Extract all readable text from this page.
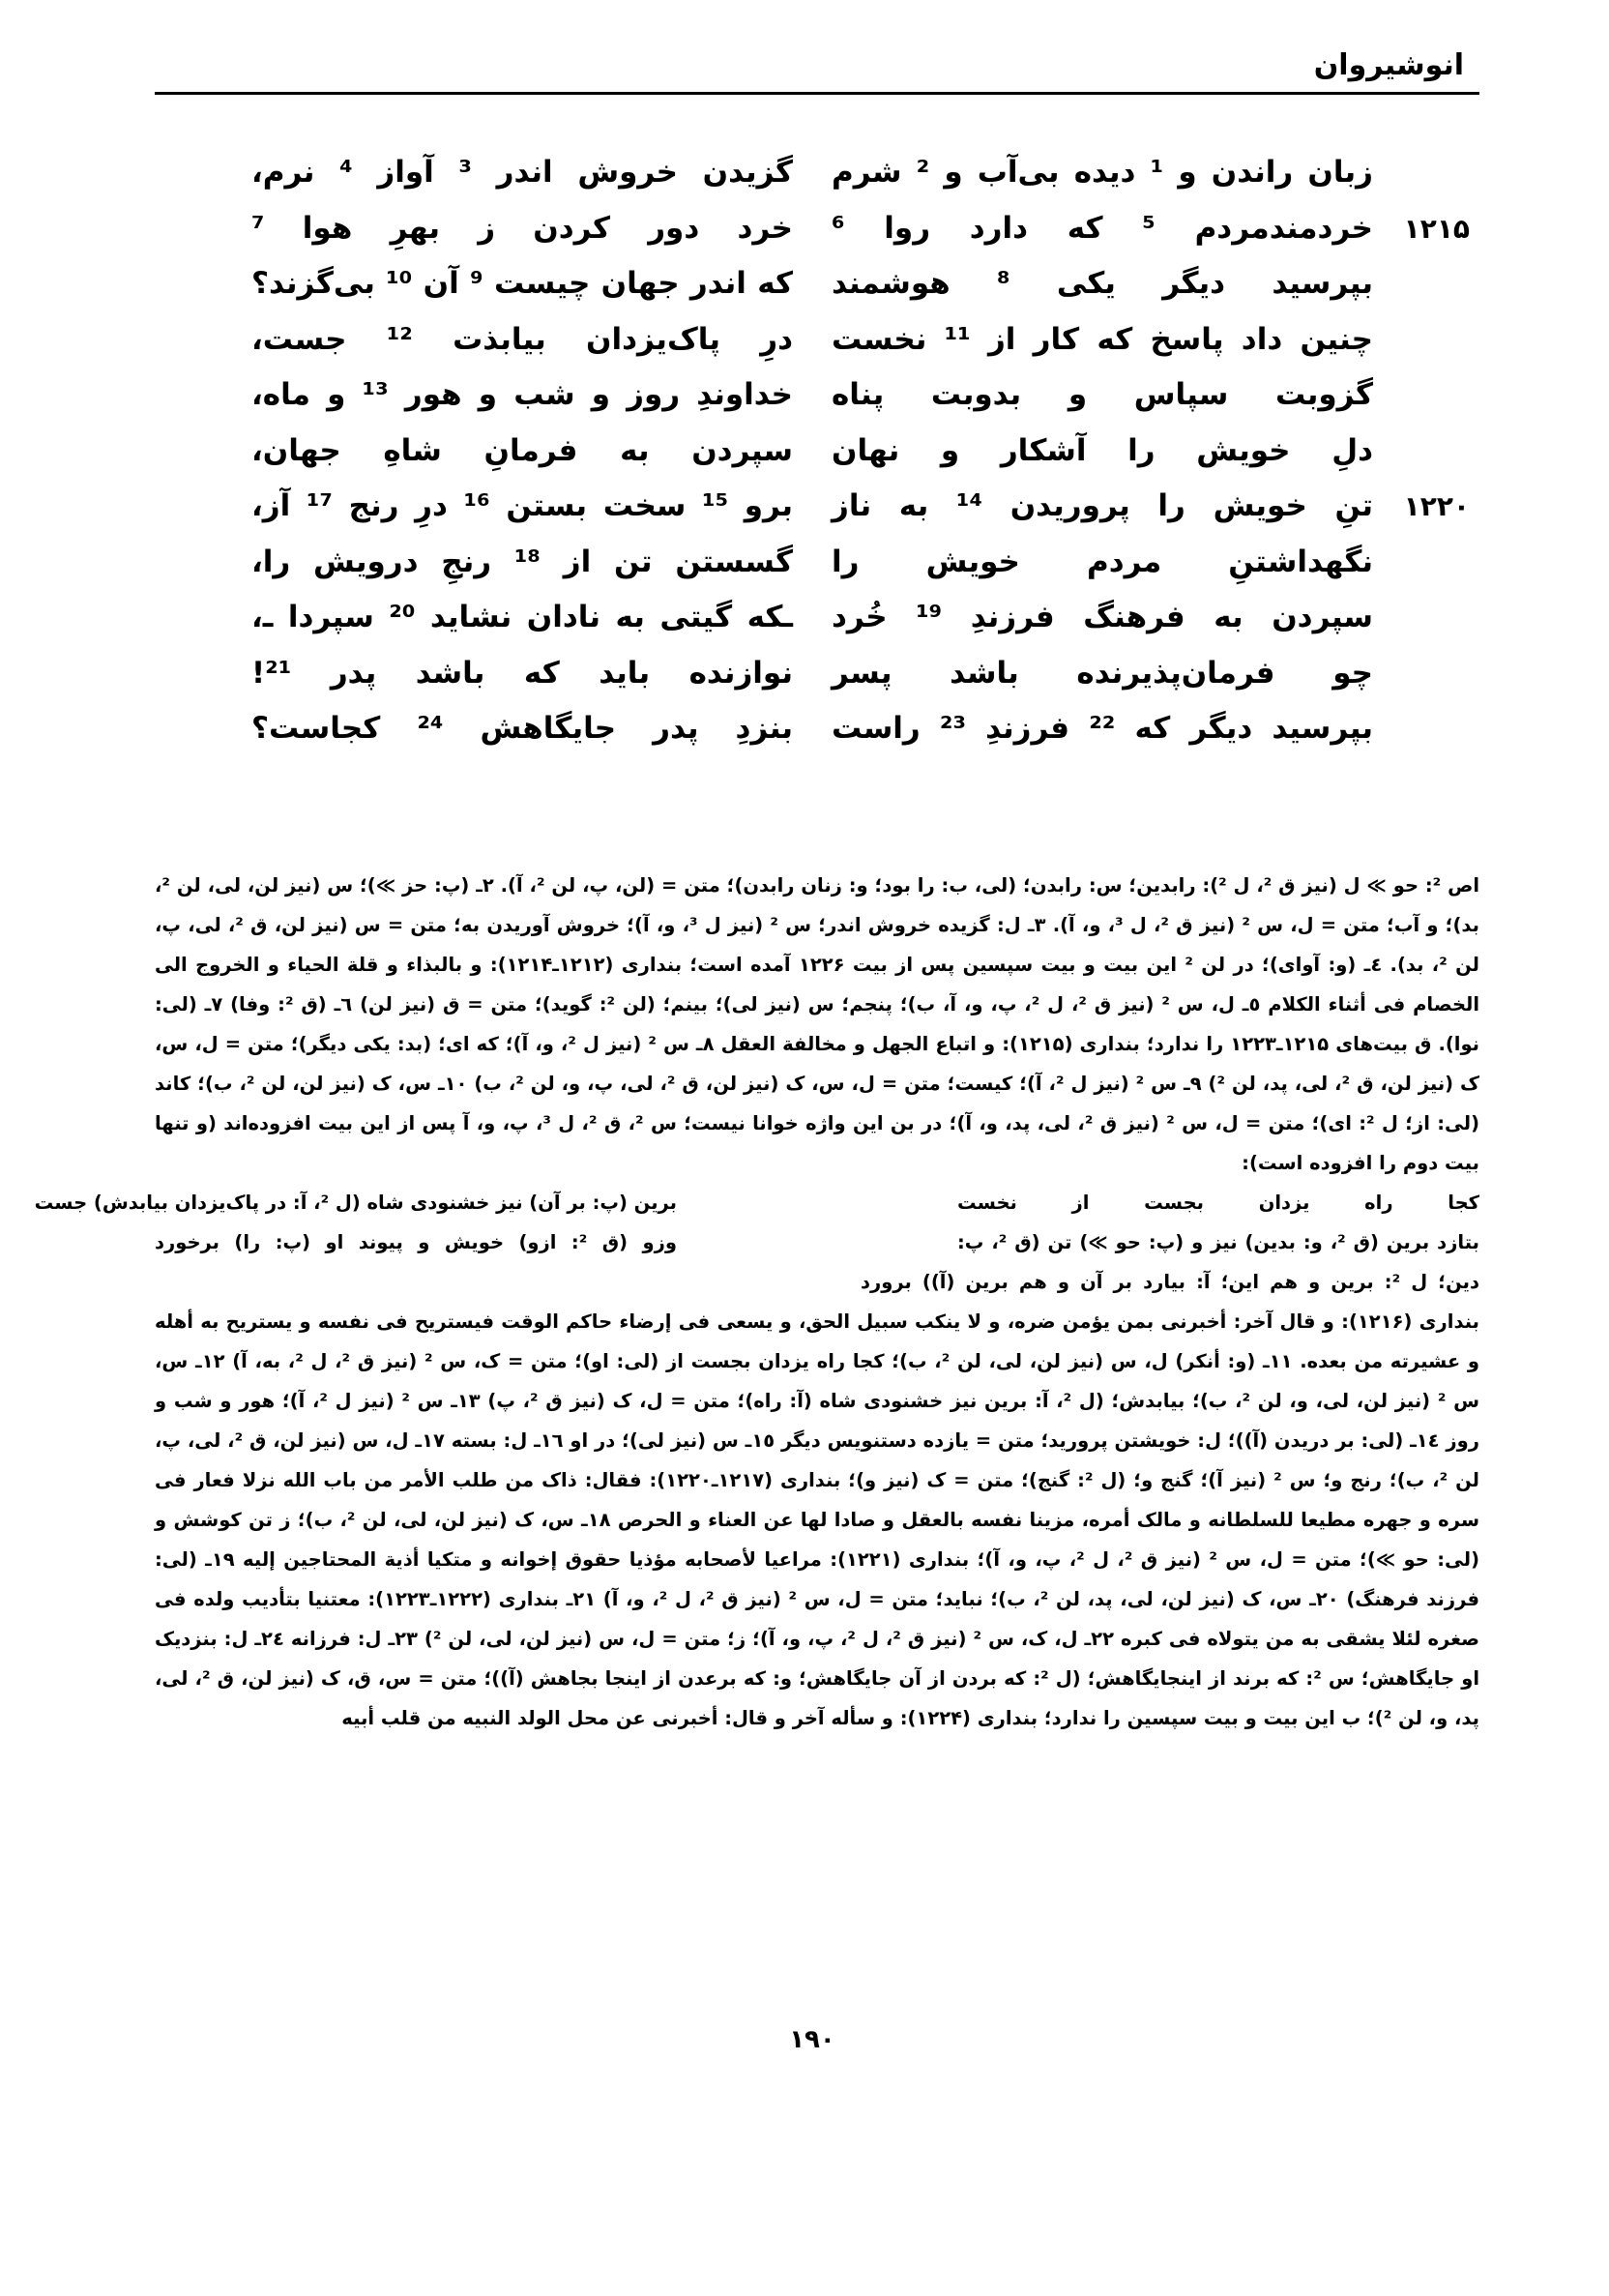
انوشیروان
زبان راندن و ¹ دیده بی‌آب و ² شرم
۱۲۱۵
خردمندمردم ⁵ که دارد روا ⁶
بپرسید دیگر یکی ⁸ هوشمند
چنین داد پاسخ که کار از ¹¹ نخست
گزوبت سپاس و بدوبت پناه
دلِ خویش را آشکار و نهان
۱۲۲۰
تنِ خویش را پروریدن ¹⁴ به ناز
نگهداشتنِ مردم خویش را
سپردن به فرهنگ فرزندِ ¹⁹ خُرد
چو فرمان‌پذیرنده باشد پسر
بپرسید دیگر که ²² فرزندِ ²³ راست
گزیدن خروش اندر ³ آواز ⁴ نرم،
خرد دور کردن ز بهرِ هوا ⁷
که اندر جهان چیست ⁹ آن ¹⁰ بی‌گزند؟
درِ پاک‌یزدان بیابذت ¹² جست،
خداوندِ روز و شب و هور ¹³ و ماه،
سپردن به فرمانِ شاهِ جهان،
برو ¹⁵ سخت بستن ¹⁶ درِ رنج ¹⁷ آز،
گسستن تن از ¹⁸ رنجِ درویش را،
ـکه گیتی به نادان نشاید ²⁰ سپردا ـ،
نوازنده باید که باشد پدر ²¹!
بنزدِ پدر جایگاهش ²⁴ کجاست؟

اص ²: حو ≫ ل (نیز ق ²، ل ²): رابدین؛ س: رابدن؛ (لی، ب: را بود؛ و: زنان رابدن)؛ متن = (لن، پ، لن ²، آ). ٢ـ (پ: حز ≫)؛ س (نیز لن، لی، لن ²، بد)؛ و آب؛ متن = ل، س ² (نیز ق ²، ل ³، و، آ). ٣ـ ل: گزیده خروش اندر؛ س ² (نیز ل ³، و، آ)؛ خروش آوریدن به؛ متن = س (نیز لن، ق ²، لی، پ، لن ²، بد). ٤ـ (و: آوای)؛ در لن ² این بیت و بیت سپسین پس از بیت ۱۲۲۶ آمده است؛ بنداری (۱۲۱۲ـ۱۲۱۴): و بالبذاء و قلة الحیاء و الخروج الی الخصام فی أثناء الکلام ٥ـ ل، س ² (نیز ق ²، ل ²، پ، و، آ، ب)؛ پنجم؛ س (نیز لی)؛ بینم؛ (لن ²: گوید)؛ متن = ق (نیز لن) ٦ـ (ق ²: وفا) ٧ـ (لی: نوا). ق بیت‌های ۱۲۱۵ـ۱۲۲۳ را ندارد؛ بنداری (۱۲۱۵): و اتباع الجهل و مخالفة العقل ٨ـ س ² (نیز ل ²، و، آ)؛ که ای؛ (بد: یکی دیگر)؛ متن = ل، س، ک (نیز لن، ق ²، لی، پد، لن ²) ٩ـ س ² (نیز ل ²، آ)؛ کیست؛ متن = ل، س، ک (نیز لن، ق ²، لی، پ، و، لن ²، ب) ١٠ـ س، ک (نیز لن، لن ²، ب)؛ کاند (لی: از؛ ل ²: ای)؛ متن = ل، س ² (نیز ق ²، لی، پد، و، آ)؛ در بن این واژه خوانا نیست؛ س ²، ق ²، ل ³، پ، و، آ پس از این بیت افزوده‌اند (و تنها بیت دوم را افزوده است):

کجا راه یزدان بجست از نخست
برین (پ: بر آن) نیز خشنودی شاه (ل ²، آ: در پاک‌یزدان بیابدش) جست
بتازد برین (ق ²، و: بدین) نیز و (پ: حو ≫) تن (ق ²، پ:
وزو (ق ²: ازو) خویش و پیوند او (پ: را) برخورد
دین؛ ل ²: برین و هم این؛ آ: بیارد بر آن و هم برین (آ)) برورد

بنداری (۱۲۱۶): و قال آخر: أخبرنی بمن یؤمن ضره، و لا ینکب سبیل الحق، و یسعی فی إرضاء حاکم الوقت فیستریح فی نفسه و یستریح به أهله و عشیرته من بعده. ١١ـ (و: أنکر) ل، س (نیز لن، لی، لن ²، ب)؛ کجا راه یزدان بجست از (لی: او)؛ متن = ک، س ² (نیز ق ²، ل ²، به، آ) ١٢ـ س، س ² (نیز لن، لی، و، لن ²، ب)؛ بیابدش؛ (ل ²، آ: برین نیز خشنودی شاه (آ: راه)؛ متن = ل، ک (نیز ق ²، پ) ١٣ـ س ² (نیز ل ²، آ)؛ هور و شب و روز ١٤ـ (لی: بر دریدن (آ))؛ ل: خویشتن پرورید؛ متن = یازده دستنویس دیگر ١٥ـ س (نیز لی)؛ در او ١٦ـ ل: بسته ١٧ـ ل، س (نیز لن، ق ²، لی، پ، لن ²، ب)؛ رنج و؛ س ² (نیز آ)؛ گنج و؛ (ل ²: گنج)؛ متن = ک (نیز و)؛ بنداری (۱۲۱۷ـ۱۲۲۰): فقال: ذاک من طلب الأمر من باب الله نزلا فعار فی سره و جهره مطیعا للسلطانه و مالک أمره، مزینا نفسه بالعقل و صادا لها عن العناء و الحرص ١٨ـ س، ک (نیز لن، لی، لن ²، ب)؛ ز تن کوشش و (لی: حو ≫)؛ متن = ل، س ² (نیز ق ²، ل ²، پ، و، آ)؛ بنداری (۱۲۲۱): مراعیا لأصحابه مؤذیا حقوق إخوانه و متکیا أذیة المحتاجین إلیه ١٩ـ (لی: فرزند فرهنگ) ٢٠ـ س، ک (نیز لن، لی، پد، لن ²، ب)؛ نباید؛ متن = ل، س ² (نیز ق ²، ل ²، و، آ) ٢١ـ بنداری (۱۲۲۲ـ۱۲۲۳): معتنیا بتأدیب ولده فی صغره لئلا یشقی به من یتولاه فی کبره ٢٢ـ ل، ک، س ² (نیز ق ²، ل ²، پ، و، آ)؛ ز؛ متن = ل، س (نیز لن، لی، لن ²) ٢٣ـ ل: فرزانه ٢٤ـ ل: بنزدیک او جایگاهش؛ س ²: که برند از اینجایگاهش؛ (ل ²: که بردن از آن جایگاهش؛ و: که برعدن از اینجا بجاهش (آ))؛ متن = س، ق، ک (نیز لن، ق ²، لی، پد، و، لن ²)؛ ب این بیت و بیت سپسین را ندارد؛ بنداری (۱۲۲۴): و سأله آخر و قال: أخبرنی عن محل الولد النبیه من قلب أبیه

۱۹۰
